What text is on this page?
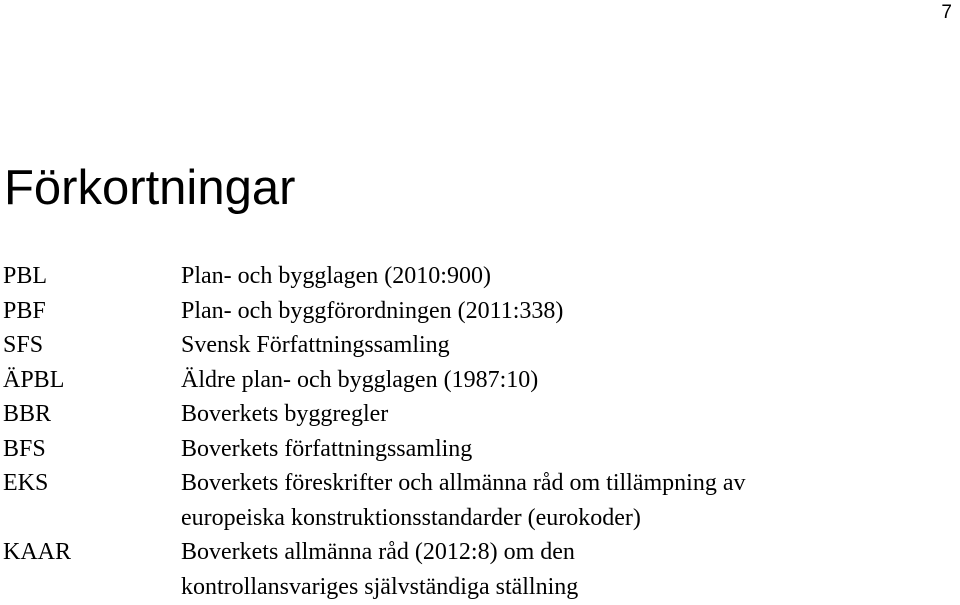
7
Förkortningar
PBL	Plan- och bygglagen (2010:900)
PBF	Plan- och byggförordningen (2011:338)
SFS	Svensk Författningssamling
ÄPBL	Äldre plan- och bygglagen (1987:10)
BBR	Boverkets byggregler
BFS	Boverkets författningssamling
EKS	Boverkets föreskrifter och allmänna råd om tillämpning av
europeiska konstruktionsstandarder (eurokoder)
KAAR	Boverkets allmänna råd (2012:8) om den
kontrollansvariges självständiga ställning
